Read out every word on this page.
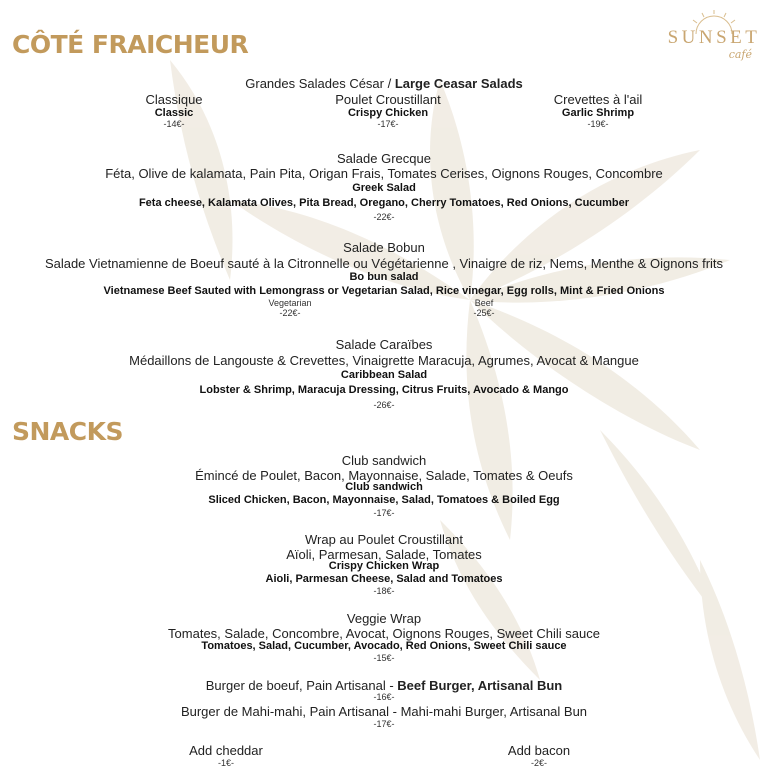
SUNSET
café
CÔTÉ FRAICHEUR
Grandes Salades César / Large Ceasar Salads
Classique
Classic
-14€-
Poulet Croustillant
Crispy Chicken
-17€-
Crevettes à l'ail
Garlic Shrimp
-19€-
Salade Grecque
Féta, Olive de kalamata, Pain Pita, Origan Frais, Tomates Cerises, Oignons Rouges, Concombre
Greek Salad
Feta cheese, Kalamata Olives, Pita Bread, Oregano, Cherry Tomatoes, Red Onions, Cucumber
-22€-
Salade Bobun
Salade Vietnamienne de Boeuf sauté à la Citronnelle ou Végétarienne , Vinaigre de riz, Nems, Menthe & Oignons frits
Bo bun salad
Vietnamese Beef Sauted with Lemongrass or Vegetarian Salad, Rice vinegar, Egg rolls, Mint & Fried Onions
Vegetarian
-22€-
Beef
-25€-
Salade Caraïbes
Médaillons de Langouste & Crevettes, Vinaigrette Maracuja, Agrumes, Avocat & Mangue
Caribbean Salad
Lobster & Shrimp, Maracuja Dressing, Citrus Fruits, Avocado & Mango
-26€-
SNACKS
Club sandwich
Émincé de Poulet, Bacon, Mayonnaise, Salade, Tomates & Oeufs
Club sandwich
Sliced Chicken, Bacon, Mayonnaise, Salad, Tomatoes & Boiled Egg
-17€-
Wrap au Poulet Croustillant
Aïoli, Parmesan, Salade, Tomates
Crispy Chicken Wrap
Aioli, Parmesan Cheese, Salad and Tomatoes
-18€-
Veggie Wrap
Tomates, Salade, Concombre, Avocat, Oignons Rouges, Sweet Chili sauce
Tomatoes, Salad, Cucumber, Avocado, Red Onions, Sweet Chili sauce
-15€-
Burger de boeuf, Pain Artisanal - Beef Burger, Artisanal Bun
-16€-
Burger de Mahi-mahi, Pain Artisanal - Mahi-mahi Burger, Artisanal Bun
-17€-
Add cheddar
-1€-
Add bacon
-2€-
